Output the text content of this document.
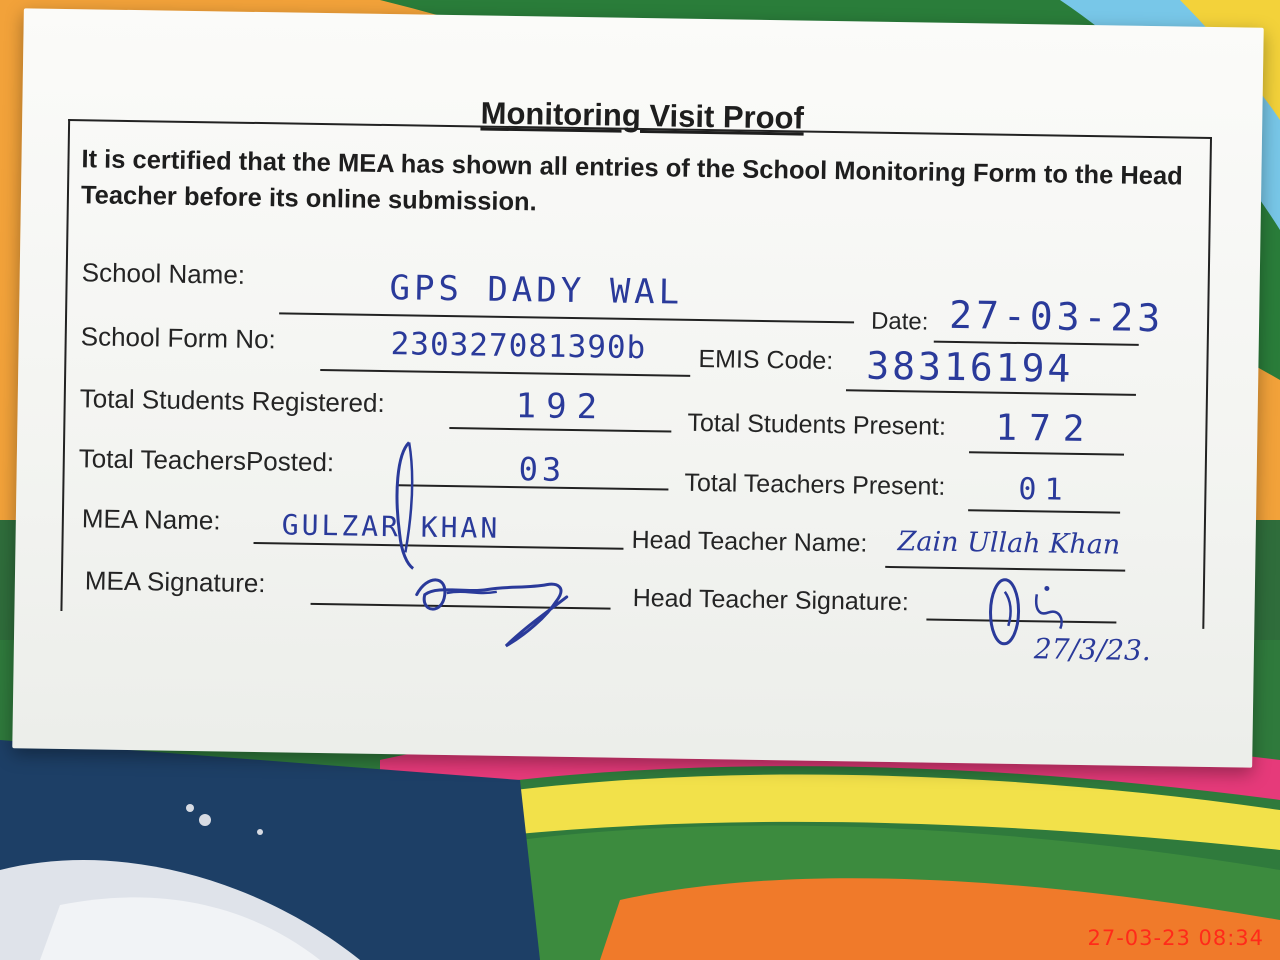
Monitoring Visit Proof
It is certified that the MEA has shown all entries of the School Monitoring Form to the Head Teacher before its online submission.
School Name:	GPS DADY WAL
Date: 27-03-23
School Form No:	230327081390b EMIS Code: 38316194
Total Students Registered:	192	Total Students Present: 172
Total TeachersPosted:	03	Total Teachers Present: 01
MEA Name: GULZAR KHAN	Head Teacher Name: Zain Ullah Khan
MEA Signature:
Head Teacher Signature:
27/3/23.
27-03-23 08:34
